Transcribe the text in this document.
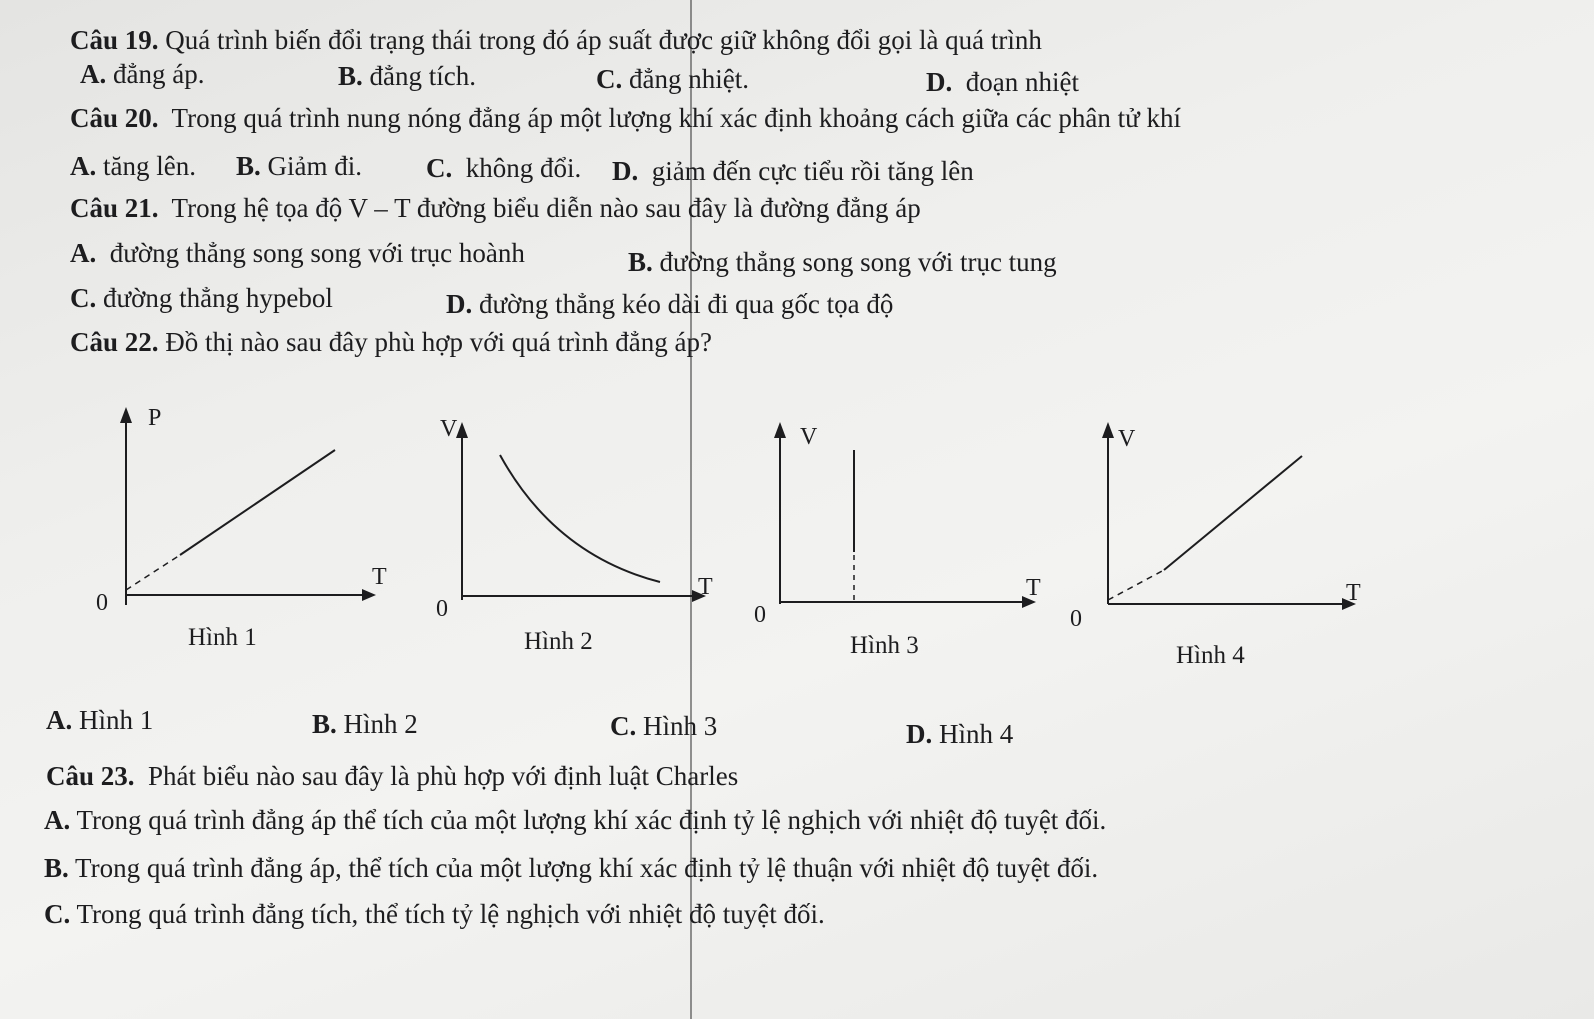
Câu 19. Quá trình biến đổi trạng thái trong đó áp suất được giữ không đổi gọi là quá trình
A. đẳng áp.	B. đẳng tích.	C. đẳng nhiệt.	D. đoạn nhiệt
Câu 20. Trong quá trình nung nóng đẳng áp một lượng khí xác định khoảng cách giữa các phân tử khí
A. tăng lên. B. Giảm đi. C. không đổi. D. giảm đến cực tiểu rồi tăng lên
Câu 21. Trong hệ tọa độ V – T đường biểu diễn nào sau đây là đường đẳng áp
A. đường thẳng song song với trục hoành	B. đường thẳng song song với trục tung
C. đường thẳng hypebol	D. đường thẳng kéo dài đi qua gốc tọa độ
Câu 22. Đồ thị nào sau đây phù hợp với quá trình đẳng áp?
P
T
0
Hình 1
V
T
0
Hình 2
V
T
0
Hình 3
V
T
0
Hình 4
A. Hình 1	B. Hình 2	C. Hình 3	D. Hình 4
Câu 23. Phát biểu nào sau đây là phù hợp với định luật Charles
A. Trong quá trình đẳng áp thể tích của một lượng khí xác định tỷ lệ nghịch với nhiệt độ tuyệt đối.
B. Trong quá trình đẳng áp, thể tích của một lượng khí xác định tỷ lệ thuận với nhiệt độ tuyệt đối.
C. Trong quá trình đẳng tích, thể tích tỷ lệ nghịch với nhiệt độ tuyệt đối.
